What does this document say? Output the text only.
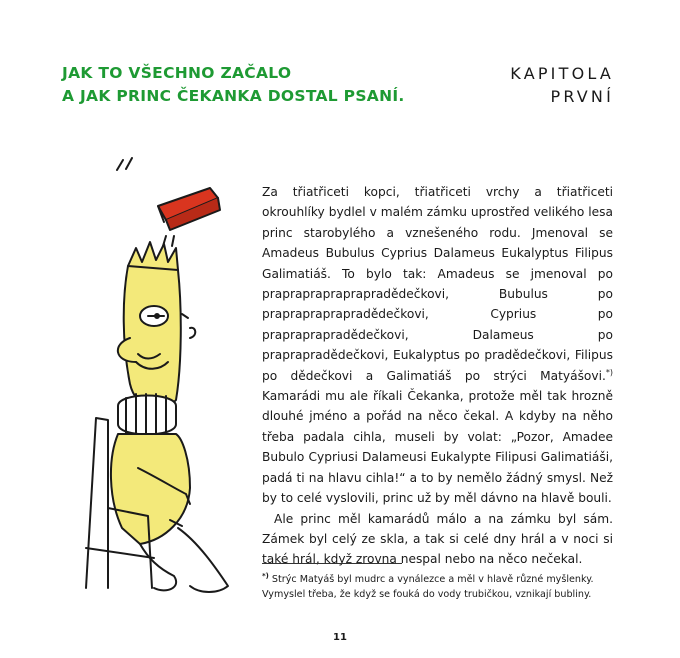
JAK TO VŠECHNO ZAČALO
A JAK PRINC ČEKANKA DOSTAL PSANÍ.
KAPITOLA
PRVNÍ

Za třiatřiceti kopci, třiatřiceti vrchy a třiatřiceti okrouhlíky bydlel v malém zámku uprostřed velikého lesa princ starobylého a vznešeného rodu. Jmenoval se Amadeus Bubulus Cyprius Dalameus Eukalyptus Filipus Galimatiáš. To bylo tak: Amadeus se jmenoval po prapraprapraprapradědečkovi, Bubulus po praprapraprapradědečkovi, Cyprius po prapraprapradědečkovi, Dalameus po praprapradědečkovi, Eukalyptus po pradědečkovi, Filipus po dědečkovi a Galimatiáš po strýci Matyášovi.*) Kamarádi mu ale říkali Čekanka, protože měl tak hrozně dlouhé jméno a pořád na něco čekal. A kdyby na něho třeba padala cihla, museli by volat: „Pozor, Amadee Bubulo Cypriusi Dalameusi Eukalypte Filipusi Galimatiáši, padá ti na hlavu cihla!“ a to by nemělo žádný smysl. Než by to celé vyslovili, princ už by měl dávno na hlavě bouli.

Ale princ měl kamarádů málo a na zámku byl sám. Zámek byl celý ze skla, a tak si celé dny hrál a v noci si také hrál, když zrovna nespal nebo na něco nečekal.

*) Strýc Matyáš byl mudrc a vynálezce a měl v hlavě různé myšlenky. Vymyslel třeba, že když se fouká do vody trubičkou, vznikají bubliny.

11
